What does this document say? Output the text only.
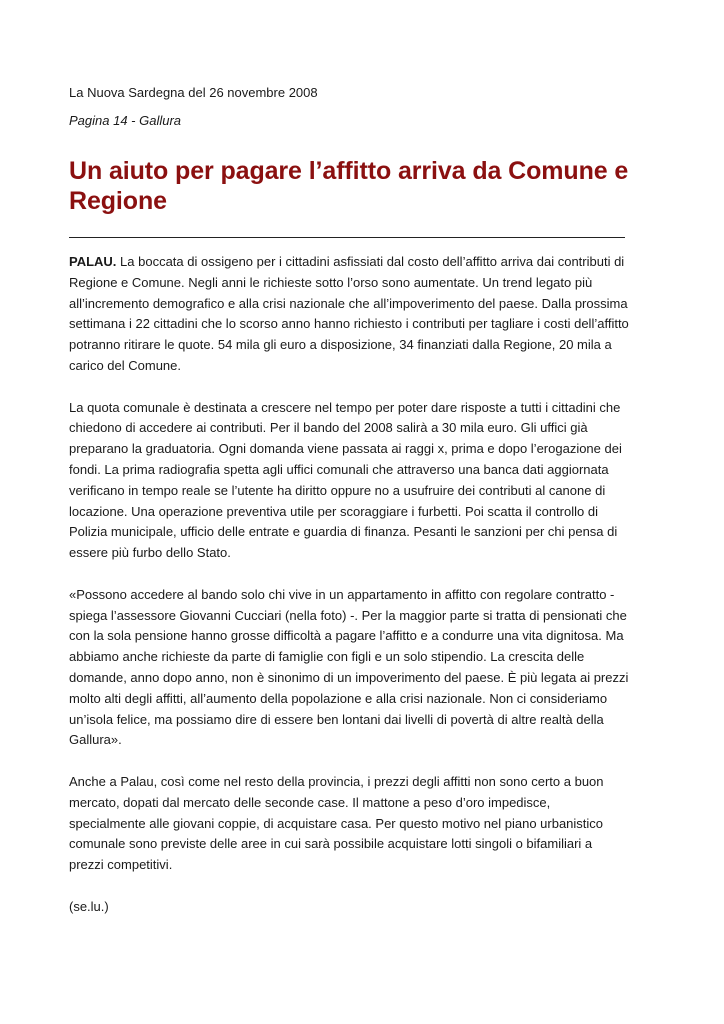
La Nuova Sardegna del 26 novembre 2008

Pagina 14 - Gallura

Un aiuto per pagare l’affitto arriva da Comune e Regione

PALAU. La boccata di ossigeno per i cittadini asfissiati dal costo dell’affitto arriva dai contributi di Regione e Comune. Negli anni le richieste sotto l’orso sono aumentate. Un trend legato più all’incremento demografico e alla crisi nazionale che all’impoverimento del paese. Dalla prossima settimana i 22 cittadini che lo scorso anno hanno richiesto i contributi per tagliare i costi dell’affitto potranno ritirare le quote. 54 mila gli euro a disposizione, 34 finanziati dalla Regione, 20 mila a carico del Comune.

La quota comunale è destinata a crescere nel tempo per poter dare risposte a tutti i cittadini che chiedono di accedere ai contributi. Per il bando del 2008 salirà a 30 mila euro. Gli uffici già preparano la graduatoria. Ogni domanda viene passata ai raggi x, prima e dopo l’erogazione dei fondi. La prima radiografia spetta agli uffici comunali che attraverso una banca dati aggiornata verificano in tempo reale se l’utente ha diritto oppure no a usufruire dei contributi al canone di locazione. Una operazione preventiva utile per scoraggiare i furbetti. Poi scatta il controllo di Polizia municipale, ufficio delle entrate e guardia di finanza. Pesanti le sanzioni per chi pensa di essere più furbo dello Stato.

«Possono accedere al bando solo chi vive in un appartamento in affitto con regolare contratto - spiega l’assessore Giovanni Cucciari (nella foto) -. Per la maggior parte si tratta di pensionati che con la sola pensione hanno grosse difficoltà a pagare l’affitto e a condurre una vita dignitosa. Ma abbiamo anche richieste da parte di famiglie con figli e un solo stipendio. La crescita delle domande, anno dopo anno, non è sinonimo di un impoverimento del paese. È più legata ai prezzi molto alti degli affitti, all’aumento della popolazione e alla crisi nazionale. Non ci consideriamo un’isola felice, ma possiamo dire di essere ben lontani dai livelli di povertà di altre realtà della Gallura».

Anche a Palau, così come nel resto della provincia, i prezzi degli affitti non sono certo a buon mercato, dopati dal mercato delle seconde case. Il mattone a peso d’oro impedisce, specialmente alle giovani coppie, di acquistare casa. Per questo motivo nel piano urbanistico comunale sono previste delle aree in cui sarà possibile acquistare lotti singoli o bifamiliari a prezzi competitivi.

(se.lu.)
